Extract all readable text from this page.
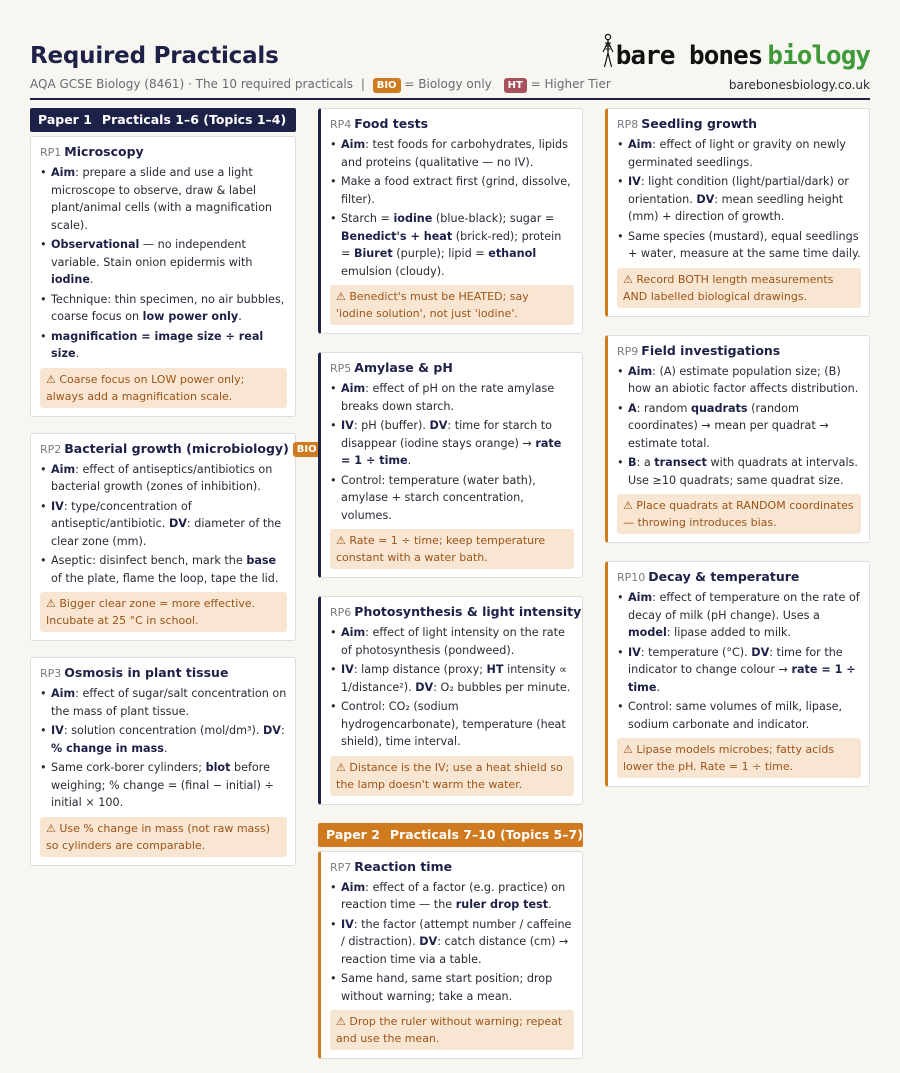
Required Practicals
AQA GCSE Biology (8461) · The 10 required practicals | BIO = Biology only HT = Higher Tier
bare bones biology
barebonesbiology.co.uk
Paper 1 Practicals 1–6 (Topics 1–4)
RP1 Microscopy
• Aim: prepare a slide and use a light microscope to observe, draw & label plant/animal cells (with a magnification scale).
• Observational — no independent variable. Stain onion epidermis with iodine.
• Technique: thin specimen, no air bubbles, coarse focus on low power only.
• magnification = image size ÷ real size.
⚠ Coarse focus on LOW power only; always add a magnification scale.
RP2 Bacterial growth (microbiology) BIO
• Aim: effect of antiseptics/antibiotics on bacterial growth (zones of inhibition).
• IV: type/concentration of antiseptic/antibiotic. DV: diameter of the clear zone (mm).
• Aseptic: disinfect bench, mark the base of the plate, flame the loop, tape the lid.
⚠ Bigger clear zone = more effective. Incubate at 25 °C in school.
RP3 Osmosis in plant tissue
• Aim: effect of sugar/salt concentration on the mass of plant tissue.
• IV: solution concentration (mol/dm³). DV: % change in mass.
• Same cork-borer cylinders; blot before weighing; % change = (final − initial) ÷ initial × 100.
⚠ Use % change in mass (not raw mass) so cylinders are comparable.
RP4 Food tests
• Aim: test foods for carbohydrates, lipids and proteins (qualitative — no IV).
• Make a food extract first (grind, dissolve, filter).
• Starch = iodine (blue-black); sugar = Benedict's + heat (brick-red); protein = Biuret (purple); lipid = ethanol emulsion (cloudy).
⚠ Benedict's must be HEATED; say 'iodine solution', not just 'iodine'.
RP5 Amylase & pH
• Aim: effect of pH on the rate amylase breaks down starch.
• IV: pH (buffer). DV: time for starch to disappear (iodine stays orange) → rate = 1 ÷ time.
• Control: temperature (water bath), amylase + starch concentration, volumes.
⚠ Rate = 1 ÷ time; keep temperature constant with a water bath.
RP6 Photosynthesis & light intensity
• Aim: effect of light intensity on the rate of photosynthesis (pondweed).
• IV: lamp distance (proxy; HT intensity ∝ 1/distance²). DV: O₂ bubbles per minute.
• Control: CO₂ (sodium hydrogencarbonate), temperature (heat shield), time interval.
⚠ Distance is the IV; use a heat shield so the lamp doesn't warm the water.
Paper 2 Practicals 7–10 (Topics 5–7)
RP7 Reaction time
• Aim: effect of a factor (e.g. practice) on reaction time — the ruler drop test.
• IV: the factor (attempt number / caffeine / distraction). DV: catch distance (cm) → reaction time via a table.
• Same hand, same start position; drop without warning; take a mean.
⚠ Drop the ruler without warning; repeat and use the mean.
RP8 Seedling growth
• Aim: effect of light or gravity on newly germinated seedlings.
• IV: light condition (light/partial/dark) or orientation. DV: mean seedling height (mm) + direction of growth.
• Same species (mustard), equal seedlings + water, measure at the same time daily.
⚠ Record BOTH length measurements AND labelled biological drawings.
RP9 Field investigations
• Aim: (A) estimate population size; (B) how an abiotic factor affects distribution.
• A: random quadrats (random coordinates) → mean per quadrat → estimate total.
• B: a transect with quadrats at intervals. Use ≥10 quadrats; same quadrat size.
⚠ Place quadrats at RANDOM coordinates — throwing introduces bias.
RP10 Decay & temperature
• Aim: effect of temperature on the rate of decay of milk (pH change). Uses a model: lipase added to milk.
• IV: temperature (°C). DV: time for the indicator to change colour → rate = 1 ÷ time.
• Control: same volumes of milk, lipase, sodium carbonate and indicator.
⚠ Lipase models microbes; fatty acids lower the pH. Rate = 1 ÷ time.
